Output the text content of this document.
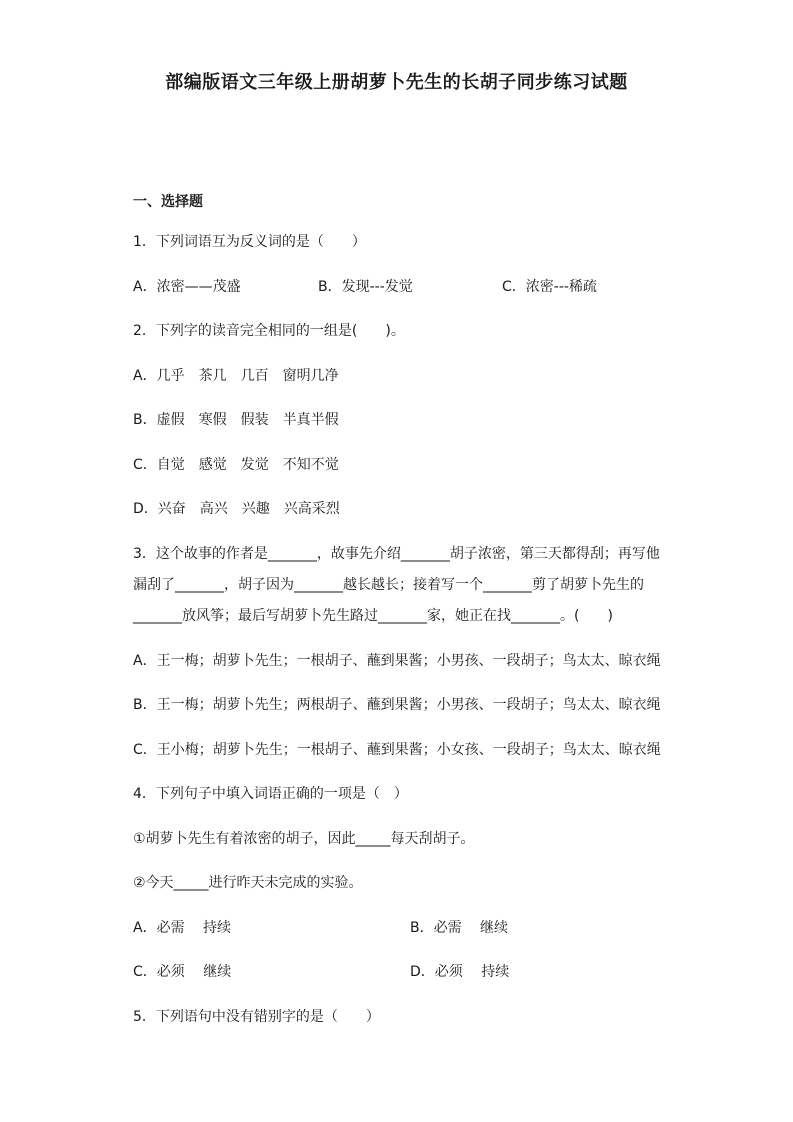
部编版语文三年级上册胡萝卜先生的长胡子同步练习试题
一、选择题
1．下列词语互为反义词的是（　　）
A．浓密——茂盛	B．发现---发觉	C．浓密---稀疏
2．下列字的读音完全相同的一组是(　　)。
A．几乎　茶几　几百　窗明几净
B．虚假　寒假　假装　半真半假
C．自觉　感觉　发觉　不知不觉
D．兴奋　高兴　兴趣　兴高采烈
3．这个故事的作者是_______，故事先介绍_______胡子浓密，第三天都得刮；再写他
漏刮了_______，胡子因为_______越长越长；接着写一个_______剪了胡萝卜先生的
_______放风筝；最后写胡萝卜先生路过_______家，她正在找_______。(　　)
A．王一梅；胡萝卜先生；一根胡子、蘸到果酱；小男孩、一段胡子；鸟太太、晾衣绳
B．王一梅；胡萝卜先生；两根胡子、蘸到果酱；小男孩、一段胡子；鸟太太、晾衣绳
C．王小梅；胡萝卜先生；一根胡子、蘸到果酱；小女孩、一段胡子；鸟太太、晾衣绳
4．下列句子中填入词语正确的一项是（　）
①胡萝卜先生有着浓密的胡子，因此_____每天刮胡子。
②今天_____进行昨天未完成的实验。
A．必需　 持续	B．必需　 继续
C．必须　 继续	D．必须　 持续
5．下列语句中没有错别字的是（　　）
